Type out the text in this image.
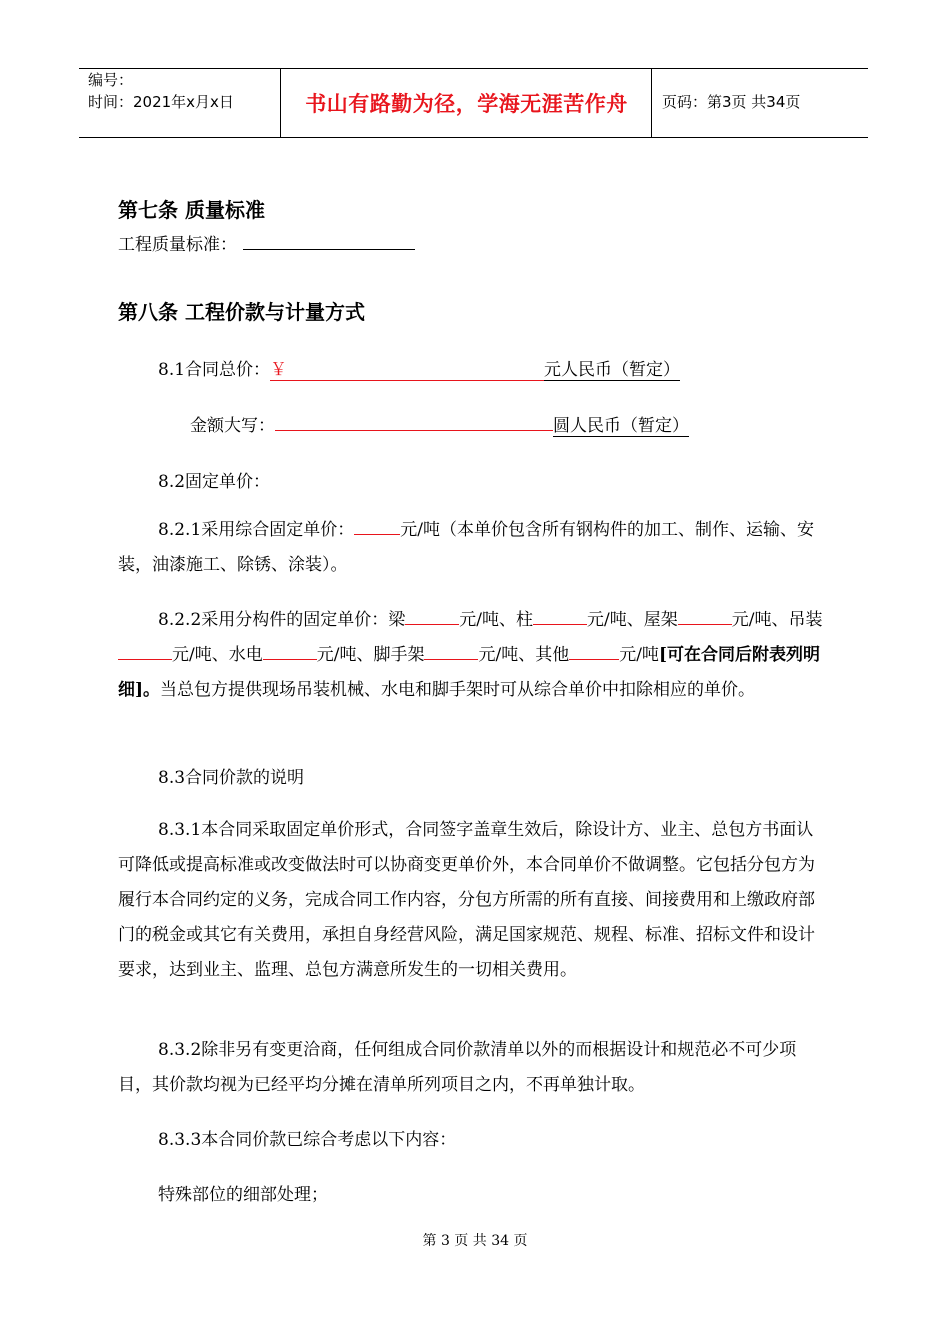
编号：
时间：2021年x月x日	书山有路勤为径，学海无涯苦作舟	页码：第3页 共34页
第七条 质量标准
工程质量标准：
第八条 工程价款与计量方式
8.1合同总价：￥	元人民币（暂定）
金额大写：	圆人民币（暂定）
8.2固定单价：
8.2.1采用综合固定单价：	元/吨（本单价包含所有钢构件的加工、制作、运输、安装，油漆施工、除锈、涂装）。
8.2.2采用分构件的固定单价：梁	元/吨、柱	元/吨、屋架	元/吨、吊装元/吨、水电	元/吨、脚手架	元/吨、其他	元/吨[可在合同后附表列明细]。当总包方提供现场吊装机械、水电和脚手架时可从综合单价中扣除相应的单价。
8.3合同价款的说明
8.3.1本合同采取固定单价形式，合同签字盖章生效后，除设计方、业主、总包方书面认可降低或提高标准或改变做法时可以协商变更单价外，本合同单价不做调整。它包括分包方为履行本合同约定的义务，完成合同工作内容，分包方所需的所有直接、间接费用和上缴政府部门的税金或其它有关费用，承担自身经营风险，满足国家规范、规程、标准、招标文件和设计要求，达到业主、监理、总包方满意所发生的一切相关费用。
8.3.2除非另有变更洽商，任何组成合同价款清单以外的而根据设计和规范必不可少项目，其价款均视为已经平均分摊在清单所列项目之内，不再单独计取。
8.3.3本合同价款已综合考虑以下内容：
特殊部位的细部处理；
第 3 页 共 34 页
